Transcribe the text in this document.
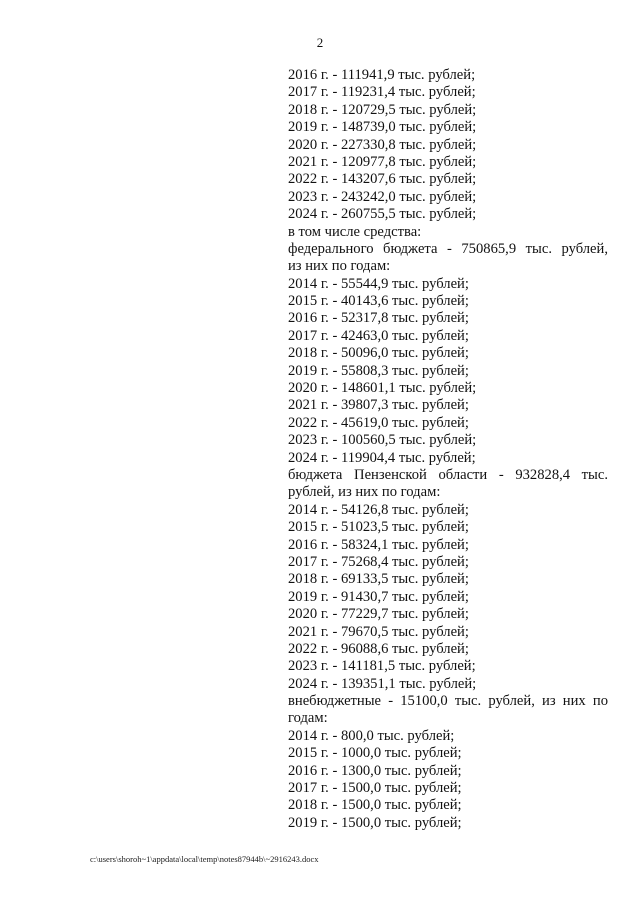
2

2016 г. - 111941,9 тыс. рублей;

2017 г. - 119231,4 тыс. рублей;

2018 г. - 120729,5 тыс. рублей;

2019 г. - 148739,0 тыс. рублей;

2020 г. - 227330,8 тыс. рублей;

2021 г. - 120977,8 тыс. рублей;

2022 г. - 143207,6 тыс. рублей;

2023 г. - 243242,0 тыс. рублей;

2024 г. - 260755,5 тыс. рублей;

в том числе средства:

федерального бюджета - 750865,9 тыс. рублей,

из них по годам:

2014 г. - 55544,9 тыс. рублей;

2015 г. - 40143,6 тыс. рублей;

2016 г. - 52317,8 тыс. рублей;

2017 г. - 42463,0 тыс. рублей;

2018 г. - 50096,0 тыс. рублей;

2019 г. - 55808,3 тыс. рублей;

2020 г. - 148601,1 тыс. рублей;

2021 г. - 39807,3 тыс. рублей;

2022 г. - 45619,0 тыс. рублей;

2023 г. - 100560,5 тыс. рублей;

2024 г. - 119904,4 тыс. рублей;

бюджета Пензенской области - 932828,4 тыс.

рублей, из них по годам:

2014 г. - 54126,8 тыс. рублей;

2015 г. - 51023,5 тыс. рублей;

2016 г. - 58324,1 тыс. рублей;

2017 г. - 75268,4 тыс. рублей;

2018 г. - 69133,5 тыс. рублей;

2019 г. - 91430,7 тыс. рублей;

2020 г. - 77229,7 тыс. рублей;

2021 г. - 79670,5 тыс. рублей;

2022 г. - 96088,6 тыс. рублей;

2023 г. - 141181,5 тыс. рублей;

2024 г. - 139351,1 тыс. рублей;

внебюджетные - 15100,0 тыс. рублей, из них по

годам:

2014 г. - 800,0 тыс. рублей;

2015 г. - 1000,0 тыс. рублей;

2016 г. - 1300,0 тыс. рублей;

2017 г. - 1500,0 тыс. рублей;

2018 г. - 1500,0 тыс. рублей;

2019 г. - 1500,0 тыс. рублей;

c:\users\shoroh~1\appdata\local\temp\notes87944b\~2916243.docx
